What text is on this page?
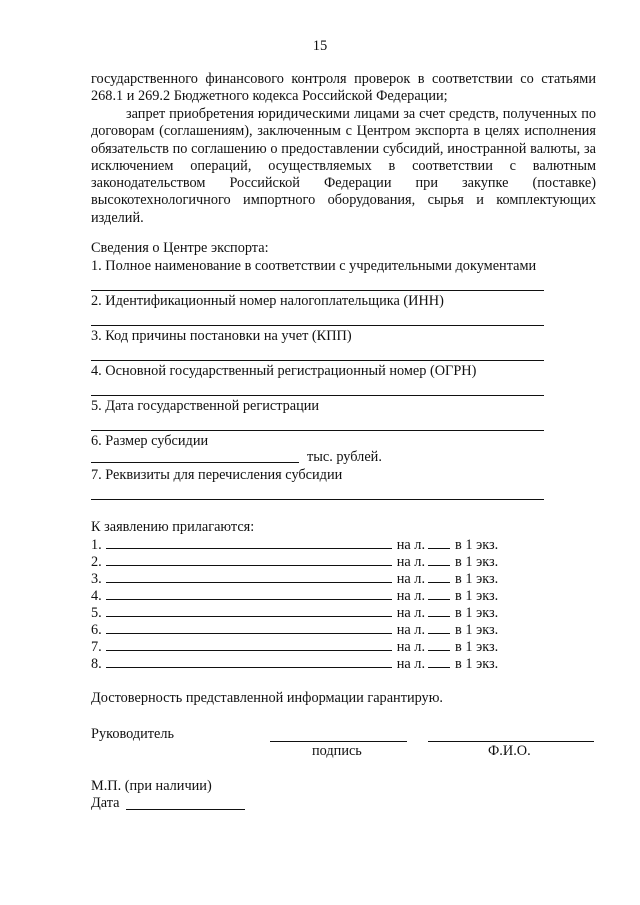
15
государственного финансового контроля проверок в соответствии со статьями 268.1 и 269.2 Бюджетного кодекса Российской Федерации;
запрет приобретения юридическими лицами за счет средств, полученных по договорам (соглашениям), заключенным с Центром экспорта в целях исполнения обязательств по соглашению о предоставлении субсидий, иностранной валюты, за исключением операций, осуществляемых в соответствии с валютным законодательством Российской Федерации при закупке (поставке) высокотехнологичного импортного оборудования, сырья и комплектующих изделий.
Сведения о Центре экспорта:
1. Полное наименование в соответствии с учредительными документами
2. Идентификационный номер налогоплательщика (ИНН)
3. Код причины постановки на учет (КПП)
4. Основной государственный регистрационный номер (ОГРН)
5. Дата государственной регистрации
6. Размер субсидии
тыс. рублей.
7. Реквизиты для перечисления субсидии
К заявлению прилагаются:
1.	на л. в 1 экз.
2.	на л. в 1 экз.
3.	на л. в 1 экз.
4.	на л. в 1 экз.
5.	на л. в 1 экз.
6.	на л. в 1 экз.
7.	на л. в 1 экз.
8.	на л. в 1 экз.
Достоверность представленной информации гарантирую.
Руководитель
подпись	Ф.И.О.
М.П. (при наличии)
Дата
